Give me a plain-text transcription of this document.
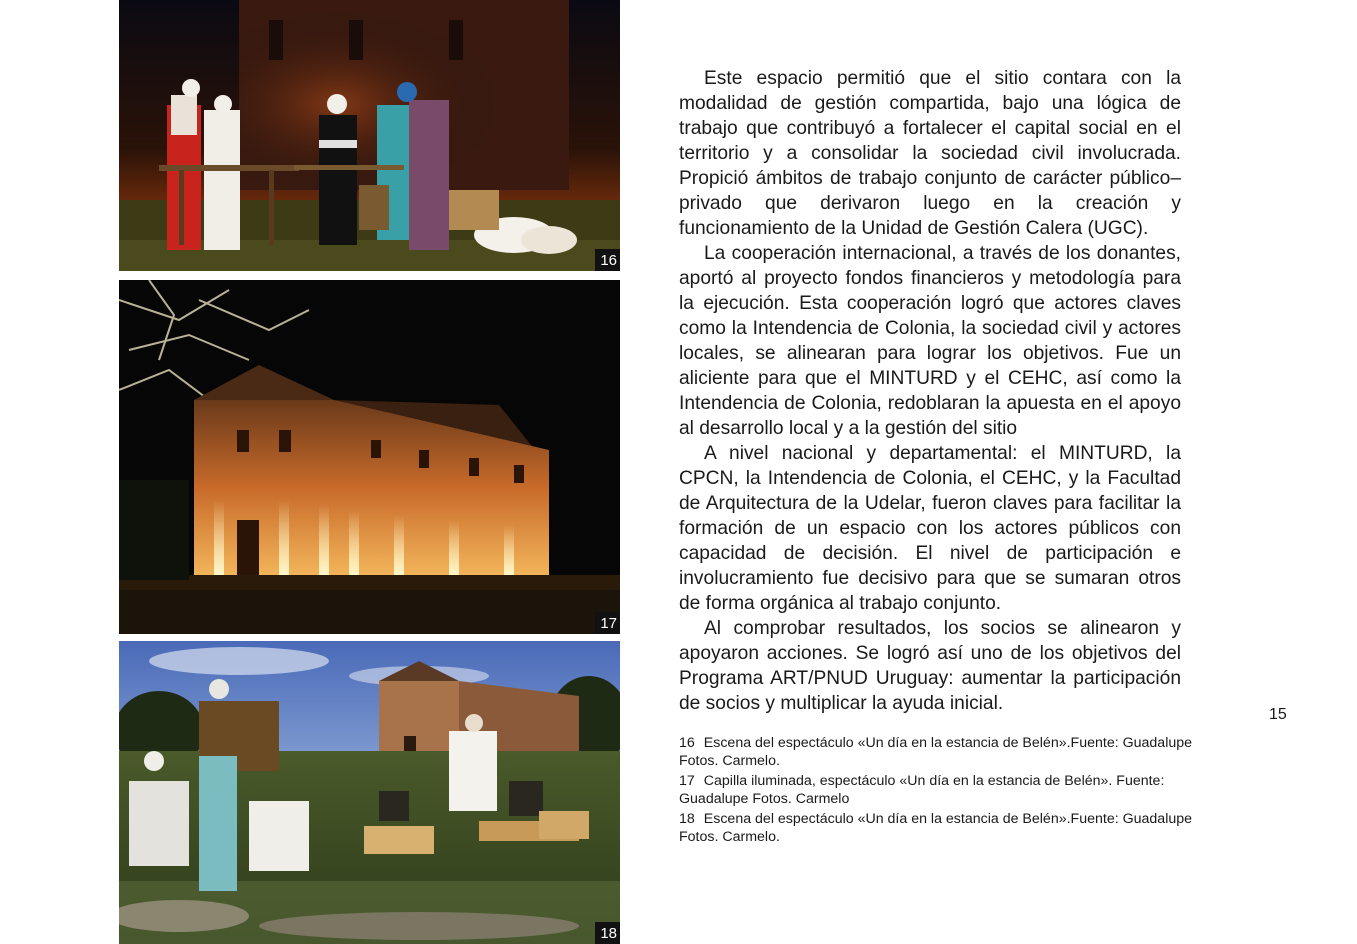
16
17
18

Este espacio permitió que el sitio contara con la modalidad de gestión compartida, bajo una lógica de trabajo que contribuyó a fortalecer el capital social en el territorio y a consolidar la sociedad civil involucrada. Propició ámbitos de trabajo conjunto de carácter público–privado que derivaron luego en la creación y funcionamiento de la Unidad de Gestión Calera (UGC).

La cooperación internacional, a través de los donantes, aportó al proyecto fondos financieros y metodología para la ejecución. Esta cooperación logró que actores claves como la Intendencia de Colonia, la sociedad civil y actores locales, se alinearan para lograr los objetivos. Fue un aliciente para que el MINTURD y el CEHC, así como la Intendencia de Colonia, redoblaran la apuesta en el apoyo al desarrollo local y a la gestión del sitio

A nivel nacional y departamental: el MINTURD, la CPCN, la Intendencia de Colonia, el CEHC, y la Facultad de Arquitectura de la Udelar, fueron claves para facilitar la formación de un espacio con los actores públicos con capacidad de decisión. El nivel de participación e involucramiento fue decisivo para que se sumaran otros de forma orgánica al trabajo conjunto.

Al comprobar resultados, los socios se alinearon y apoyaron acciones. Se logró así uno de los objetivos del Programa ART/PNUD Uruguay: aumentar la participación de socios y multiplicar la ayuda inicial.

16 Escena del espectáculo «Un día en la estancia de Belén».Fuente: Guadalupe Fotos. Carmelo.
17 Capilla iluminada, espectáculo «Un día en la estancia de Belén». Fuente: Guadalupe Fotos. Carmelo
18 Escena del espectáculo «Un día en la estancia de Belén».Fuente: Guadalupe Fotos. Carmelo.
15
